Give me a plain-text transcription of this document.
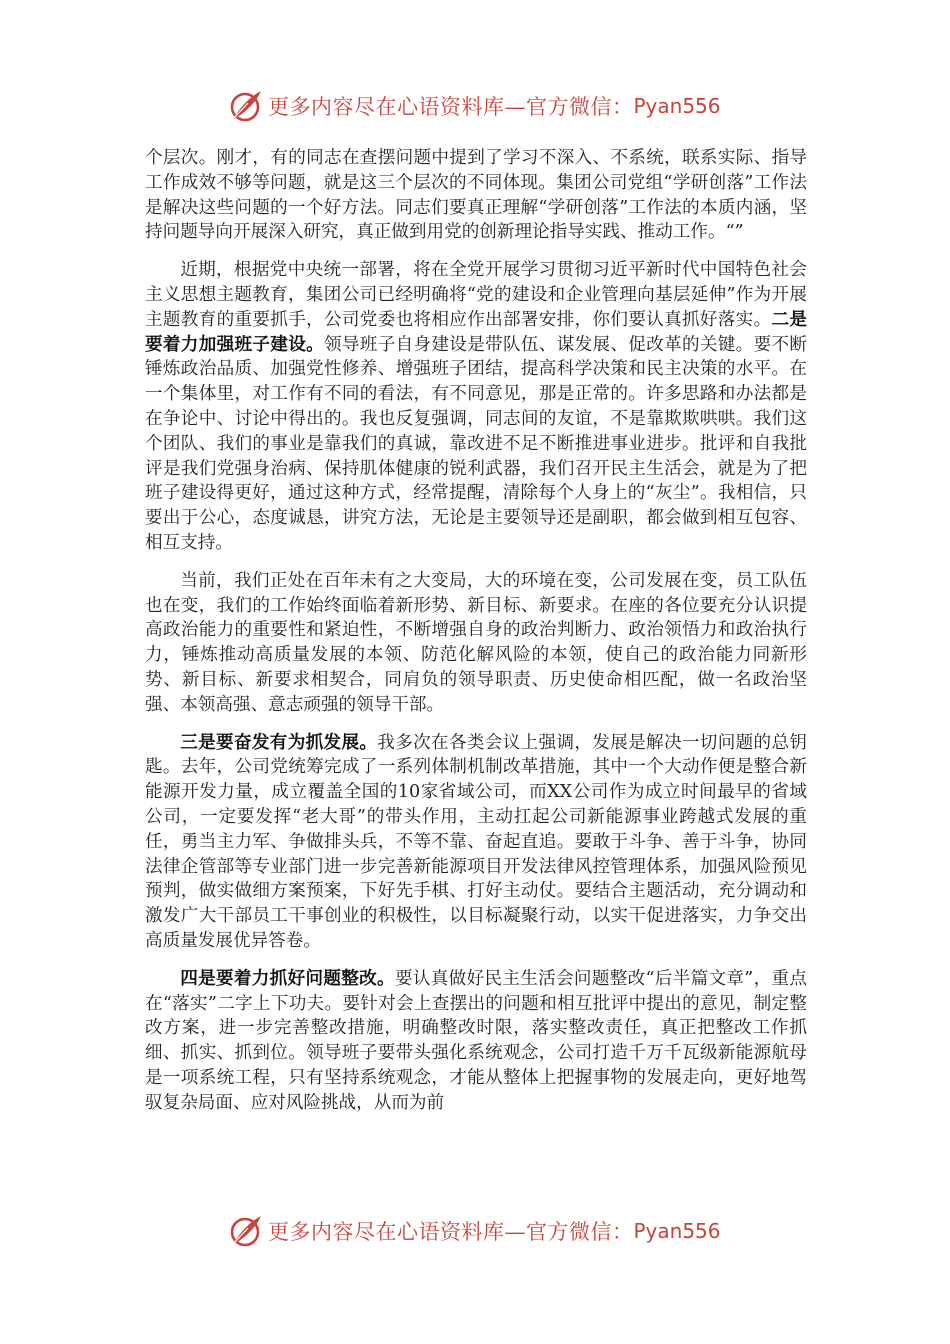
更多内容尽在心语资料库—官方微信： Pyan556

个层次。刚才，有的同志在查摆问题中提到了学习不深入、不系统，联系实际、指导工作成效不够等问题，就是这三个层次的不同体现。集团公司党组“学研创落”工作法是解决这些问题的一个好方法。同志们要真正理解“学研创落”工作法的本质内涵，坚持问题导向开展深入研究，真正做到用党的创新理论指导实践、推动工作。“”

近期，根据党中央统一部署，将在全党开展学习贯彻习近平新时代中国特色社会主义思想主题教育，集团公司已经明确将“党的建设和企业管理向基层延伸”作为开展主题教育的重要抓手，公司党委也将相应作出部署安排，你们要认真抓好落实。二是要着力加强班子建设。领导班子自身建设是带队伍、谋发展、促改革的关键。要不断锤炼政治品质、加强党性修养、增强班子团结，提高科学决策和民主决策的水平。在一个集体里，对工作有不同的看法，有不同意见，那是正常的。许多思路和办法都是在争论中、讨论中得出的。我也反复强调，同志间的友谊，不是靠欺欺哄哄。我们这个团队、我们的事业是靠我们的真诚，靠改进不足不断推进事业进步。批评和自我批评是我们党强身治病、保持肌体健康的锐利武器，我们召开民主生活会，就是为了把班子建设得更好，通过这种方式，经常提醒，清除每个人身上的“灰尘”。我相信，只要出于公心，态度诚恳，讲究方法，无论是主要领导还是副职，都会做到相互包容、相互支持。

当前，我们正处在百年未有之大变局，大的环境在变，公司发展在变，员工队伍也在变，我们的工作始终面临着新形势、新目标、新要求。在座的各位要充分认识提高政治能力的重要性和紧迫性，不断增强自身的政治判断力、政治领悟力和政治执行力，锤炼推动高质量发展的本领、防范化解风险的本领，使自己的政治能力同新形势、新目标、新要求相契合，同肩负的领导职责、历史使命相匹配，做一名政治坚强、本领高强、意志顽强的领导干部。

三是要奋发有为抓发展。我多次在各类会议上强调，发展是解决一切问题的总钥匙。去年，公司党统筹完成了一系列体制机制改革措施，其中一个大动作便是整合新能源开发力量，成立覆盖全国的10家省域公司，而XX公司作为成立时间最早的省域公司，一定要发挥“老大哥”的带头作用，主动扛起公司新能源事业跨越式发展的重任，勇当主力军、争做排头兵，不等不靠、奋起直追。要敢于斗争、善于斗争，协同法律企管部等专业部门进一步完善新能源项目开发法律风控管理体系，加强风险预见预判，做实做细方案预案，下好先手棋、打好主动仗。要结合主题活动，充分调动和激发广大干部员工干事创业的积极性，以目标凝聚行动，以实干促进落实，力争交出高质量发展优异答卷。

四是要着力抓好问题整改。要认真做好民主生活会问题整改“后半篇文章”，重点在“落实”二字上下功夫。要针对会上查摆出的问题和相互批评中提出的意见，制定整改方案，进一步完善整改措施，明确整改时限，落实整改责任，真正把整改工作抓细、抓实、抓到位。领导班子要带头强化系统观念，公司打造千万千瓦级新能源航母是一项系统工程，只有坚持系统观念，才能从整体上把握事物的发展走向，更好地驾驭复杂局面、应对风险挑战，从而为前

更多内容尽在心语资料库—官方微信： Pyan556
